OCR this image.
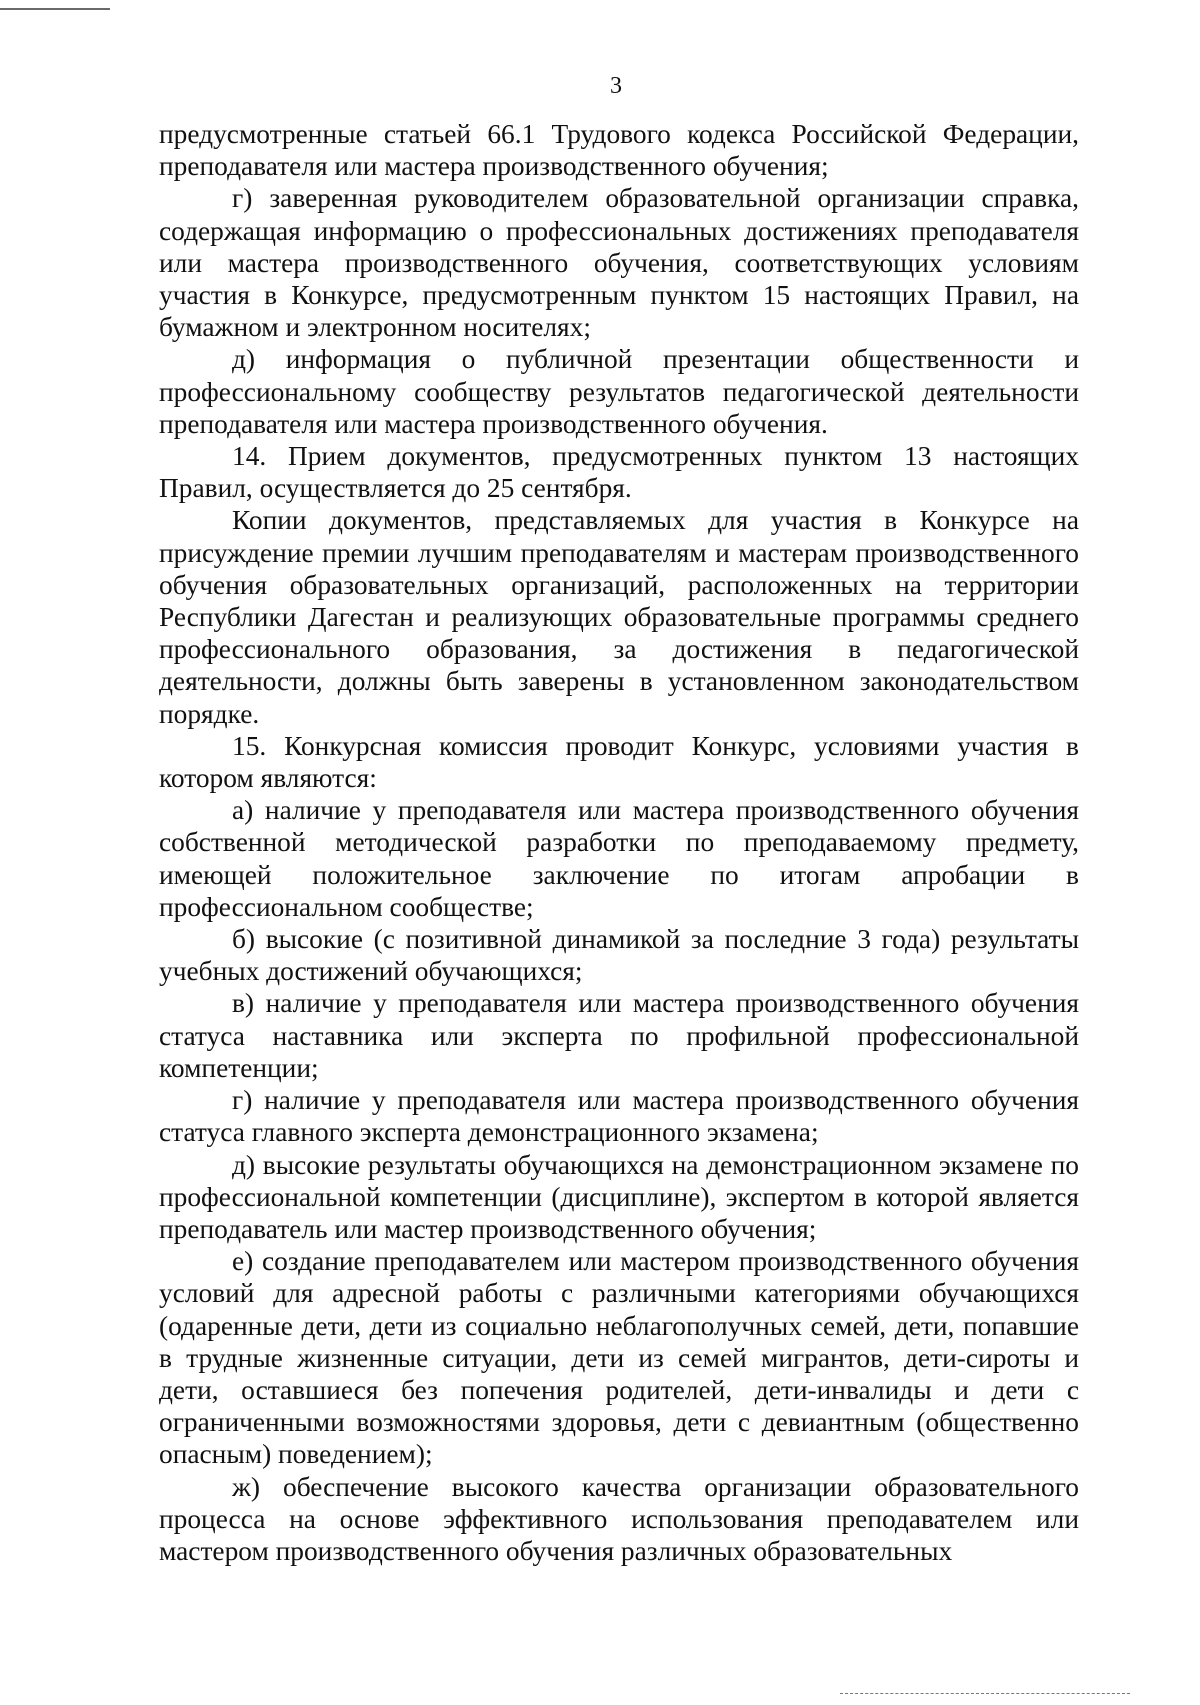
3

предусмотренные статьей 66.1 Трудового кодекса Российской Федерации, преподавателя или мастера производственного обучения;

г) заверенная руководителем образовательной организации справка, содержащая информацию о профессиональных достижениях преподавателя или мастера производственного обучения, соответствующих условиям участия в Конкурсе, предусмотренным пунктом 15 настоящих Правил, на бумажном и электронном носителях;

д) информация о публичной презентации общественности и профессиональному сообществу результатов педагогической деятельности преподавателя или мастера производственного обучения.

14. Прием документов, предусмотренных пунктом 13 настоящих Правил, осуществляется до 25 сентября.

Копии документов, представляемых для участия в Конкурсе на присуждение премии лучшим преподавателям и мастерам производственного обучения образовательных организаций, расположенных на территории Республики Дагестан и реализующих образовательные программы среднего профессионального образования, за достижения в педагогической деятельности, должны быть заверены в установленном законодательством порядке.

15. Конкурсная комиссия проводит Конкурс, условиями участия в котором являются:

а) наличие у преподавателя или мастера производственного обучения собственной методической разработки по преподаваемому предмету, имеющей положительное заключение по итогам апробации в профессиональном сообществе;

б) высокие (с позитивной динамикой за последние 3 года) результаты учебных достижений обучающихся;

в) наличие у преподавателя или мастера производственного обучения статуса наставника или эксперта по профильной профессиональной компетенции;

г) наличие у преподавателя или мастера производственного обучения статуса главного эксперта демонстрационного экзамена;

д) высокие результаты обучающихся на демонстрационном экзамене по профессиональной компетенции (дисциплине), экспертом в которой является преподаватель или мастер производственного обучения;

е) создание преподавателем или мастером производственного обучения условий для адресной работы с различными категориями обучающихся (одаренные дети, дети из социально неблагополучных семей, дети, попавшие в трудные жизненные ситуации, дети из семей мигрантов, дети-сироты и дети, оставшиеся без попечения родителей, дети-инвалиды и дети с ограниченными возможностями здоровья, дети с девиантным (общественно опасным) поведением);

ж) обеспечение высокого качества организации образовательного процесса на основе эффективного использования преподавателем или мастером производственного обучения различных образовательных
